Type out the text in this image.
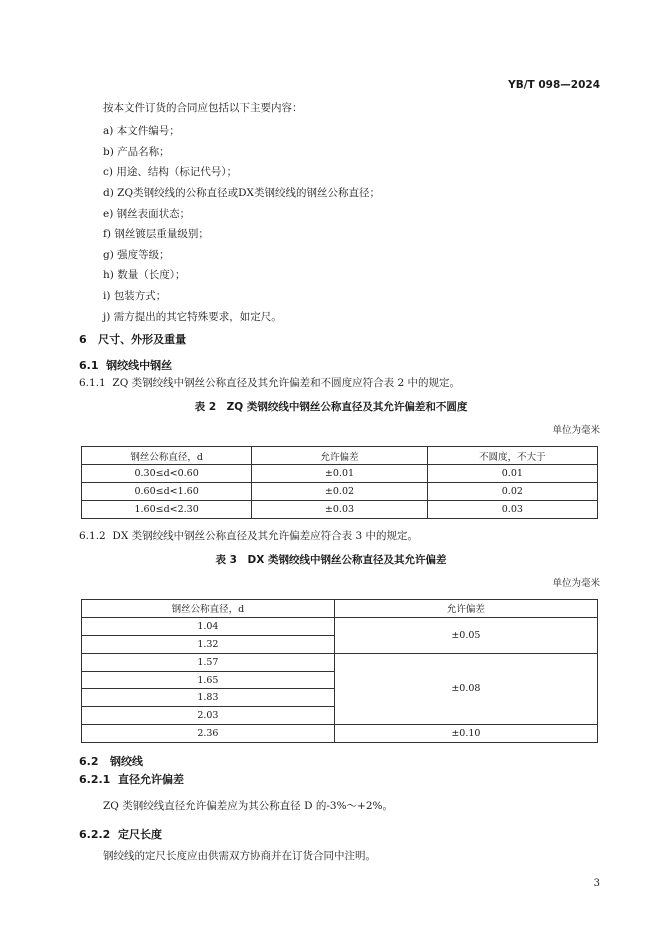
YB/T 098—2024
按本文件订货的合同应包括以下主要内容：
a) 本文件编号；
b) 产品名称；
c) 用途、结构（标记代号）；
d) ZQ类钢绞线的公称直径或DX类钢绞线的钢丝公称直径；
e) 钢丝表面状态；
f) 钢丝镀层重量级别；
g) 强度等级；
h) 数量（长度）；
i) 包装方式；
j) 需方提出的其它特殊要求，如定尺。
6 尺寸、外形及重量
6.1 钢绞线中钢丝
6.1.1 ZQ 类钢绞线中钢丝公称直径及其允许偏差和不圆度应符合表 2 中的规定。
表 2　ZQ 类钢绞线中钢丝公称直径及其允许偏差和不圆度
单位为毫米
钢丝公称直径，d	允许偏差	不圆度，不大于
0.30≤d<0.60	±0.01	0.01
0.60≤d<1.60	±0.02	0.02
1.60≤d<2.30	±0.03	0.03
6.1.2 DX 类钢绞线中钢丝公称直径及其允许偏差应符合表 3 中的规定。
表 3　DX 类钢绞线中钢丝公称直径及其允许偏差
单位为毫米
钢丝公称直径，d	允许偏差
1.04	±0.05
1.32	
1.57	±0.08
1.65	
1.83	
2.03	
2.36	±0.10
6.2 钢绞线
6.2.1 直径允许偏差
ZQ 类钢绞线直径允许偏差应为其公称直径 D 的-3%～+2%。
6.2.2 定尺长度
钢绞线的定尺长度应由供需双方协商并在订货合同中注明。
3
